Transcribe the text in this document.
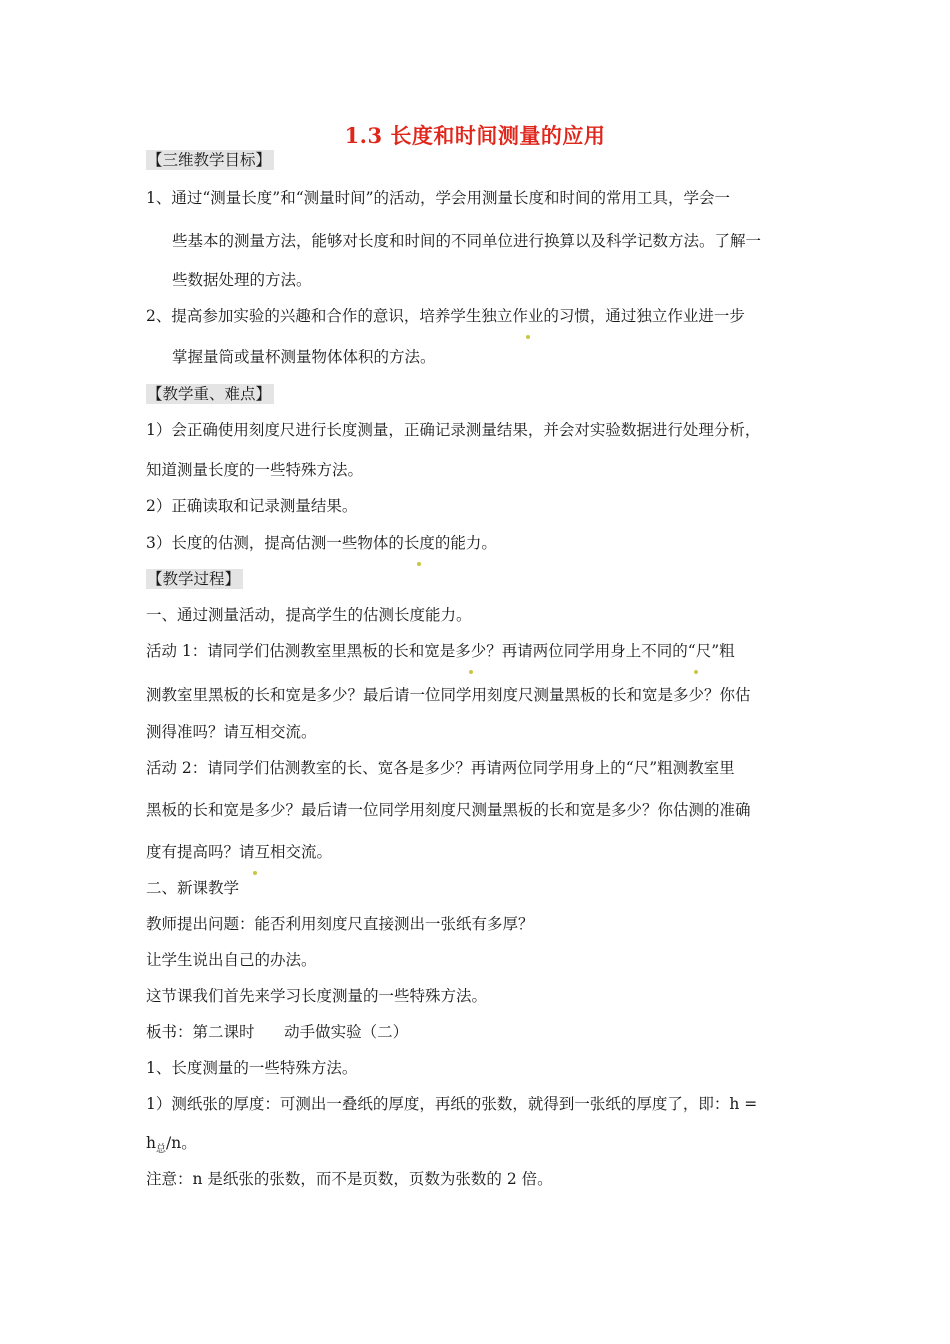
1.3 长度和时间测量的应用
【三维教学目标】
1、通过“测量长度”和“测量时间”的活动，学会用测量长度和时间的常用工具，学会一
些基本的测量方法，能够对长度和时间的不同单位进行换算以及科学记数方法。了解一
些数据处理的方法。
2、提高参加实验的兴趣和合作的意识，培养学生独立作业的习惯，通过独立作业进一步
掌握量筒或量杯测量物体体积的方法。
【教学重、难点】
1）会正确使用刻度尺进行长度测量，正确记录测量结果，并会对实验数据进行处理分析，
知道测量长度的一些特殊方法。
2）正确读取和记录测量结果。
3）长度的估测，提高估测一些物体的长度的能力。
【教学过程】
一、通过测量活动，提高学生的估测长度能力。
活动 1：请同学们估测教室里黑板的长和宽是多少？再请两位同学用身上不同的“尺”粗
测教室里黑板的长和宽是多少？最后请一位同学用刻度尺测量黑板的长和宽是多少？你估
测得准吗？请互相交流。
活动 2：请同学们估测教室的长、宽各是多少？再请两位同学用身上的“尺”粗测教室里
黑板的长和宽是多少？最后请一位同学用刻度尺测量黑板的长和宽是多少？你估测的准确
度有提高吗？请互相交流。
二、新课教学
教师提出问题：能否利用刻度尺直接测出一张纸有多厚？
让学生说出自己的办法。
这节课我们首先来学习长度测量的一些特殊方法。
板书：第二课时      动手做实验（二）
1、长度测量的一些特殊方法。
1）测纸张的厚度：可测出一叠纸的厚度，再纸的张数，就得到一张纸的厚度了，即：h =
$h_总/n$。
注意：n 是纸张的张数，而不是页数，页数为张数的 2 倍。
